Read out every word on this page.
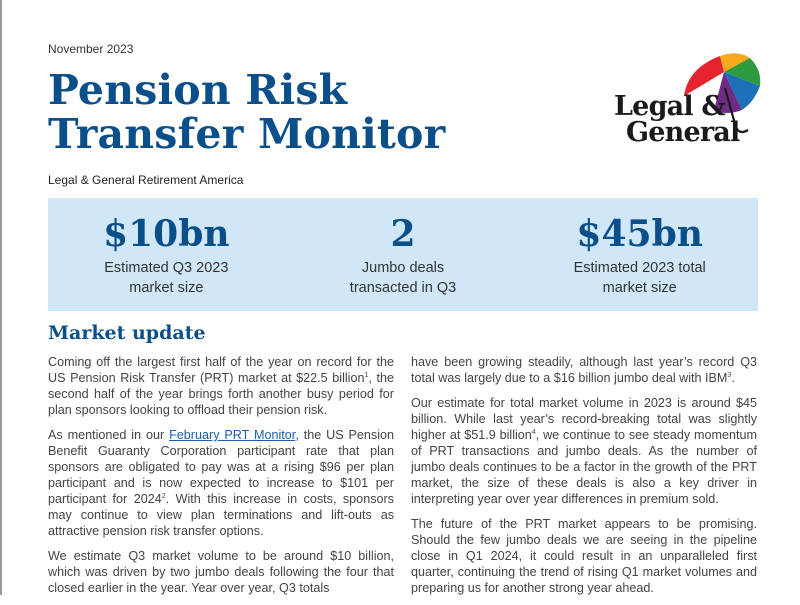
November 2023
Pension Risk
Transfer Monitor
Legal & General Retirement America
Legal &
General
$10bn
Estimated Q3 2023
market size
2
Jumbo deals
transacted in Q3
$45bn
Estimated 2023 total
market size
Market update

Coming off the largest first half of the year on record for the US Pension Risk Transfer (PRT) market at $22.5 billion$^1$, the second half of the year brings forth another busy period for plan sponsors looking to offload their pension risk.

As mentioned in our February PRT Monitor, the US Pension Benefit Guaranty Corporation participant rate that plan sponsors are obligated to pay was at a rising $96 per plan participant and is now expected to increase to $101 per participant for 2024$^2$. With this increase in costs, sponsors may continue to view plan terminations and lift-outs as attractive pension risk transfer options.

We estimate Q3 market volume to be around $10 billion, which was driven by two jumbo deals following the four that closed earlier in the year. Year over year, Q3 totals

have been growing steadily, although last year’s record Q3 total was largely due to a $16 billion jumbo deal with IBM$^3$.

Our estimate for total market volume in 2023 is around $45 billion. While last year’s record-breaking total was slightly higher at $51.9 billion$^4$, we continue to see steady momentum of PRT transactions and jumbo deals. As the number of jumbo deals continues to be a factor in the growth of the PRT market, the size of these deals is also a key driver in interpreting year over year differences in premium sold.

The future of the PRT market appears to be promising. Should the few jumbo deals we are seeing in the pipeline close in Q1 2024, it could result in an unparalleled first quarter, continuing the trend of rising Q1 market volumes and preparing us for another strong year ahead.
